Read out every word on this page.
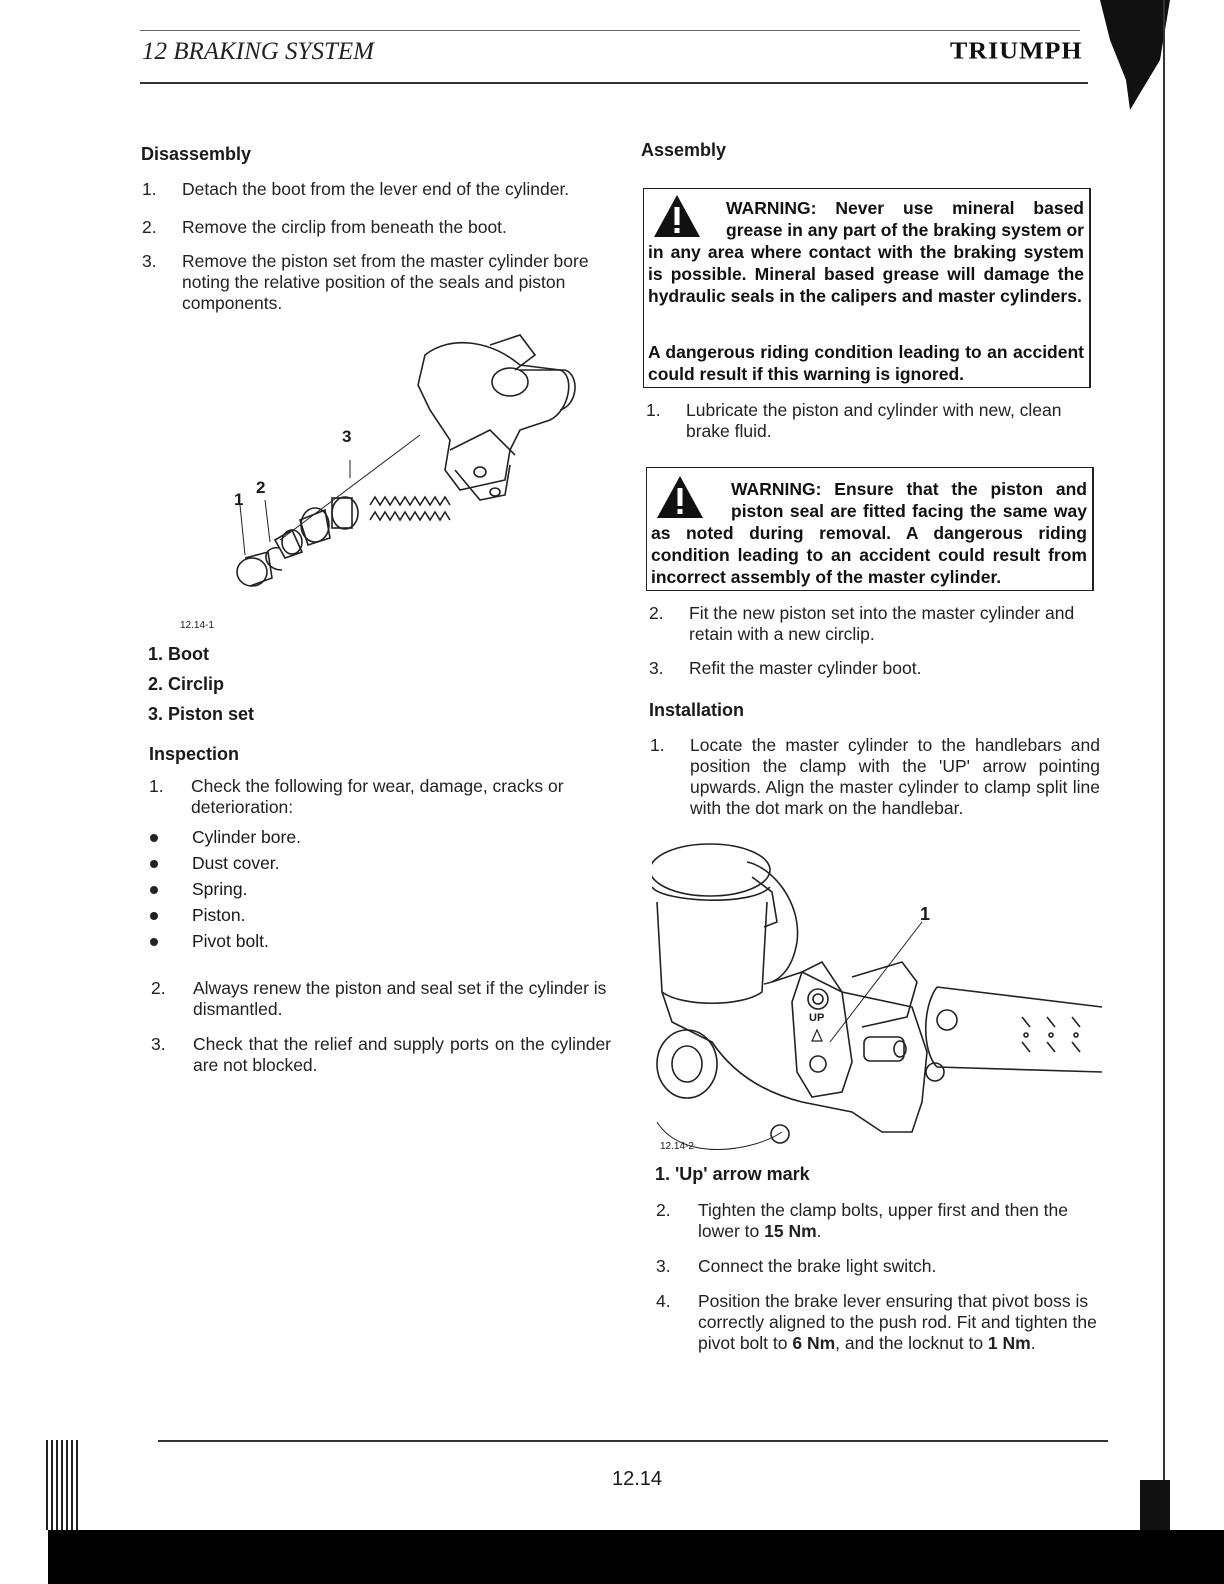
12 BRAKING SYSTEM	TRIUMPH
Disassembly
1. Detach the boot from the lever end of the cylinder.
2. Remove the circlip from beneath the boot.
3. Remove the piston set from the master cylinder bore noting the relative position of the seals and piston components.
3
2
1
12.14-1
1. Boot
2. Circlip
3. Piston set
Inspection
1. Check the following for wear, damage, cracks or deterioration:
Cylinder bore.
Dust cover.
Spring.
Piston.
Pivot bolt.
2. Always renew the piston and seal set if the cylinder is dismantled.
3. Check that the relief and supply ports on the cylinder are not blocked.
Assembly
WARNING: Never use mineral based grease in any part of the braking system or in any area where contact with the braking system is possible. Mineral based grease will damage the hydraulic seals in the calipers and master cylinders.
A dangerous riding condition leading to an accident could result if this warning is ignored.
1. Lubricate the piston and cylinder with new, clean brake fluid.
WARNING: Ensure that the piston and piston seal are fitted facing the same way as noted during removal. A dangerous riding condition leading to an accident could result from incorrect assembly of the master cylinder.
2. Fit the new piston set into the master cylinder and retain with a new circlip.
3. Refit the master cylinder boot.
Installation
1. Locate the master cylinder to the handlebars and position the clamp with the 'UP' arrow pointing upwards. Align the master cylinder to clamp split line with the dot mark on the handlebar.
1
UP
12.14-2
1. 'Up' arrow mark
2. Tighten the clamp bolts, upper first and then the lower to 15 Nm.
3. Connect the brake light switch.
4. Position the brake lever ensuring that pivot boss is correctly aligned to the push rod. Fit and tighten the pivot bolt to 6 Nm, and the locknut to 1 Nm.
12.14
